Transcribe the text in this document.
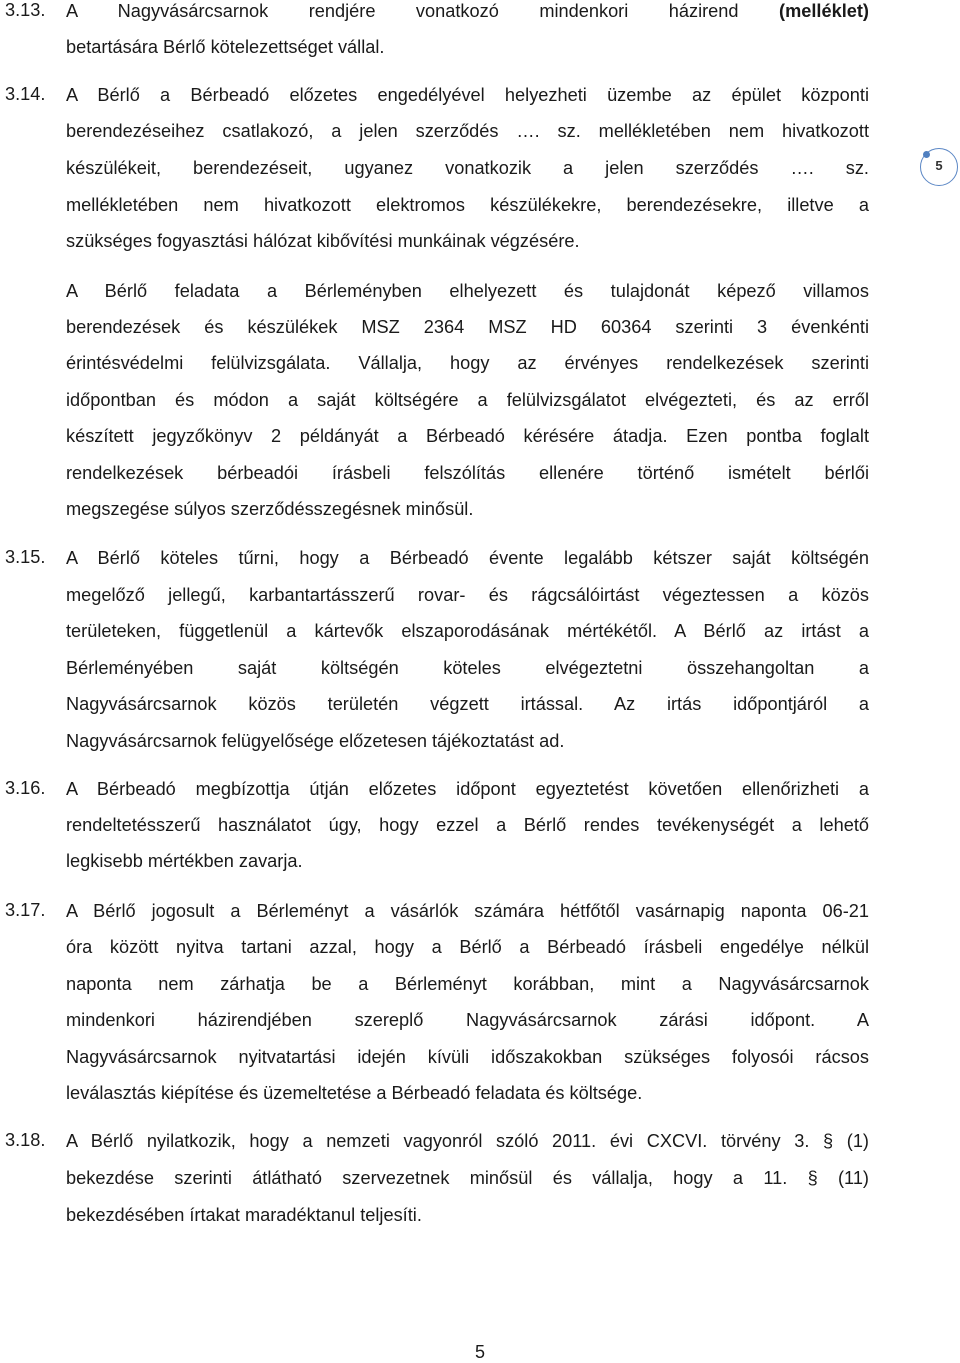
3.13. A Nagyvásárcsarnok rendjére vonatkozó mindenkori házirend (melléklet)
betartására Bérlő kötelezettséget vállal.
3.14. A Bérlő a Bérbeadó előzetes engedélyével helyezheti üzembe az épület központi
berendezéseihez csatlakozó, a jelen szerződés …. sz. mellékletében nem hivatkozott
készülékeit, berendezéseit, ugyanez vonatkozik a jelen szerződés …. sz.
mellékletében nem hivatkozott elektromos készülékekre, berendezésekre, illetve a
szükséges fogyasztási hálózat kibővítési munkáinak végzésére.
A Bérlő feladata a Bérleményben elhelyezett és tulajdonát képező villamos
berendezések és készülékek MSZ 2364 MSZ HD 60364 szerinti 3 évenkénti
érintésvédelmi felülvizsgálata. Vállalja, hogy az érvényes rendelkezések szerinti
időpontban és módon a saját költségére a felülvizsgálatot elvégezteti, és az erről
készített jegyzőkönyv 2 példányát a Bérbeadó kérésére átadja. Ezen pontba foglalt
rendelkezések bérbeadói írásbeli felszólítás ellenére történő ismételt bérlői
megszegése súlyos szerződésszegésnek minősül.
3.15. A Bérlő köteles tűrni, hogy a Bérbeadó évente legalább kétszer saját költségén
megelőző jellegű, karbantartásszerű rovar- és rágcsálóirtást végeztessen a közös
területeken, függetlenül a kártevők elszaporodásának mértékétől. A Bérlő az irtást a
Bérleményében saját költségén köteles elvégeztetni összehangoltan a
Nagyvásárcsarnok közös területén végzett irtással. Az irtás időpontjáról a
Nagyvásárcsarnok felügyelősége előzetesen tájékoztatást ad.
3.16. A Bérbeadó megbízottja útján előzetes időpont egyeztetést követően ellenőrizheti a
rendeltetésszerű használatot úgy, hogy ezzel a Bérlő rendes tevékenységét a lehető
legkisebb mértékben zavarja.
3.17. A Bérlő jogosult a Bérleményt a vásárlók számára hétfőtől vasárnapig naponta 06-21
óra között nyitva tartani azzal, hogy a Bérlő a Bérbeadó írásbeli engedélye nélkül
naponta nem zárhatja be a Bérleményt korábban, mint a Nagyvásárcsarnok
mindenkori házirendjében szereplő Nagyvásárcsarnok zárási időpont. A
Nagyvásárcsarnok nyitvatartási idején kívüli időszakokban szükséges folyosói rácsos
leválasztás kiépítése és üzemeltetése a Bérbeadó feladata és költsége.
3.18. A Bérlő nyilatkozik, hogy a nemzeti vagyonról szóló 2011. évi CXCVI. törvény 3. § (1)
bekezdése szerinti átlátható szervezetnek minősül és vállalja, hogy a 11. § (11)
bekezdésében írtakat maradéktanul teljesíti.
5
5
